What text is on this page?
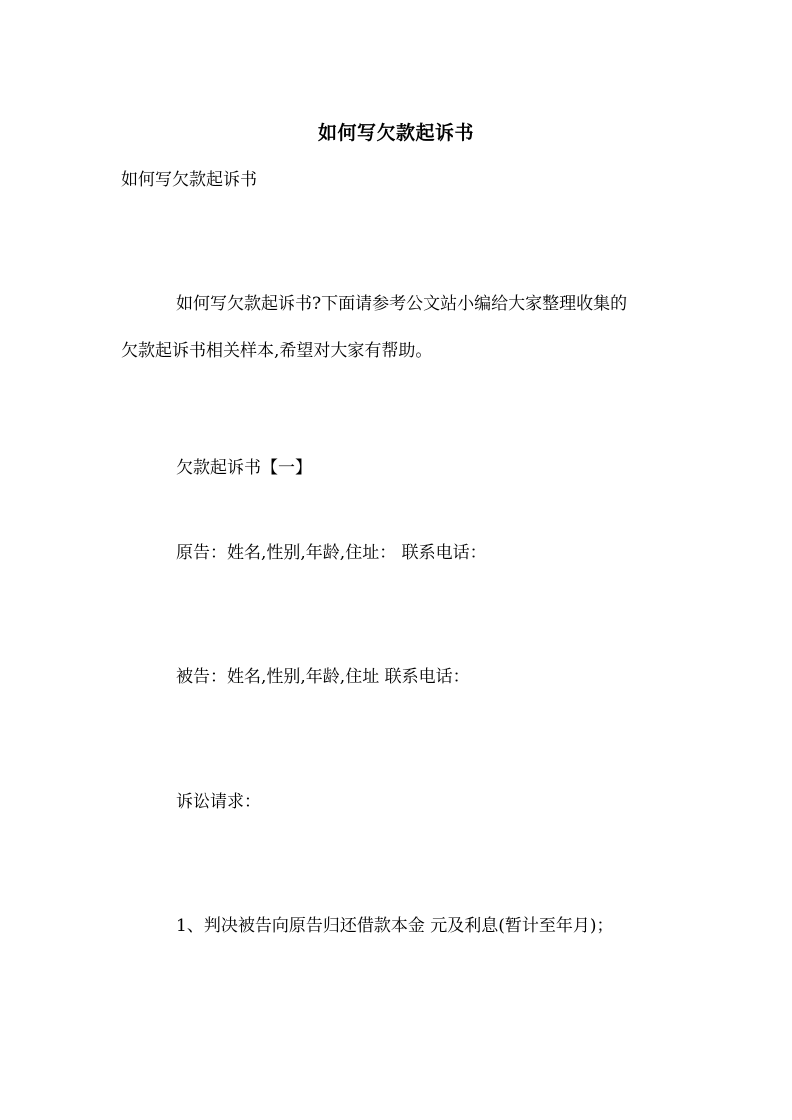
如何写欠款起诉书
如何写欠款起诉书
如何写欠款起诉书?下面请参考公文站小编给大家整理收集的
欠款起诉书相关样本,希望对大家有帮助。
欠款起诉书【一】
原告：姓名,性别,年龄,住址： 联系电话：
被告：姓名,性别,年龄,住址 联系电话：
诉讼请求：
1、判决被告向原告归还借款本金 元及利息(暂计至年月)；
